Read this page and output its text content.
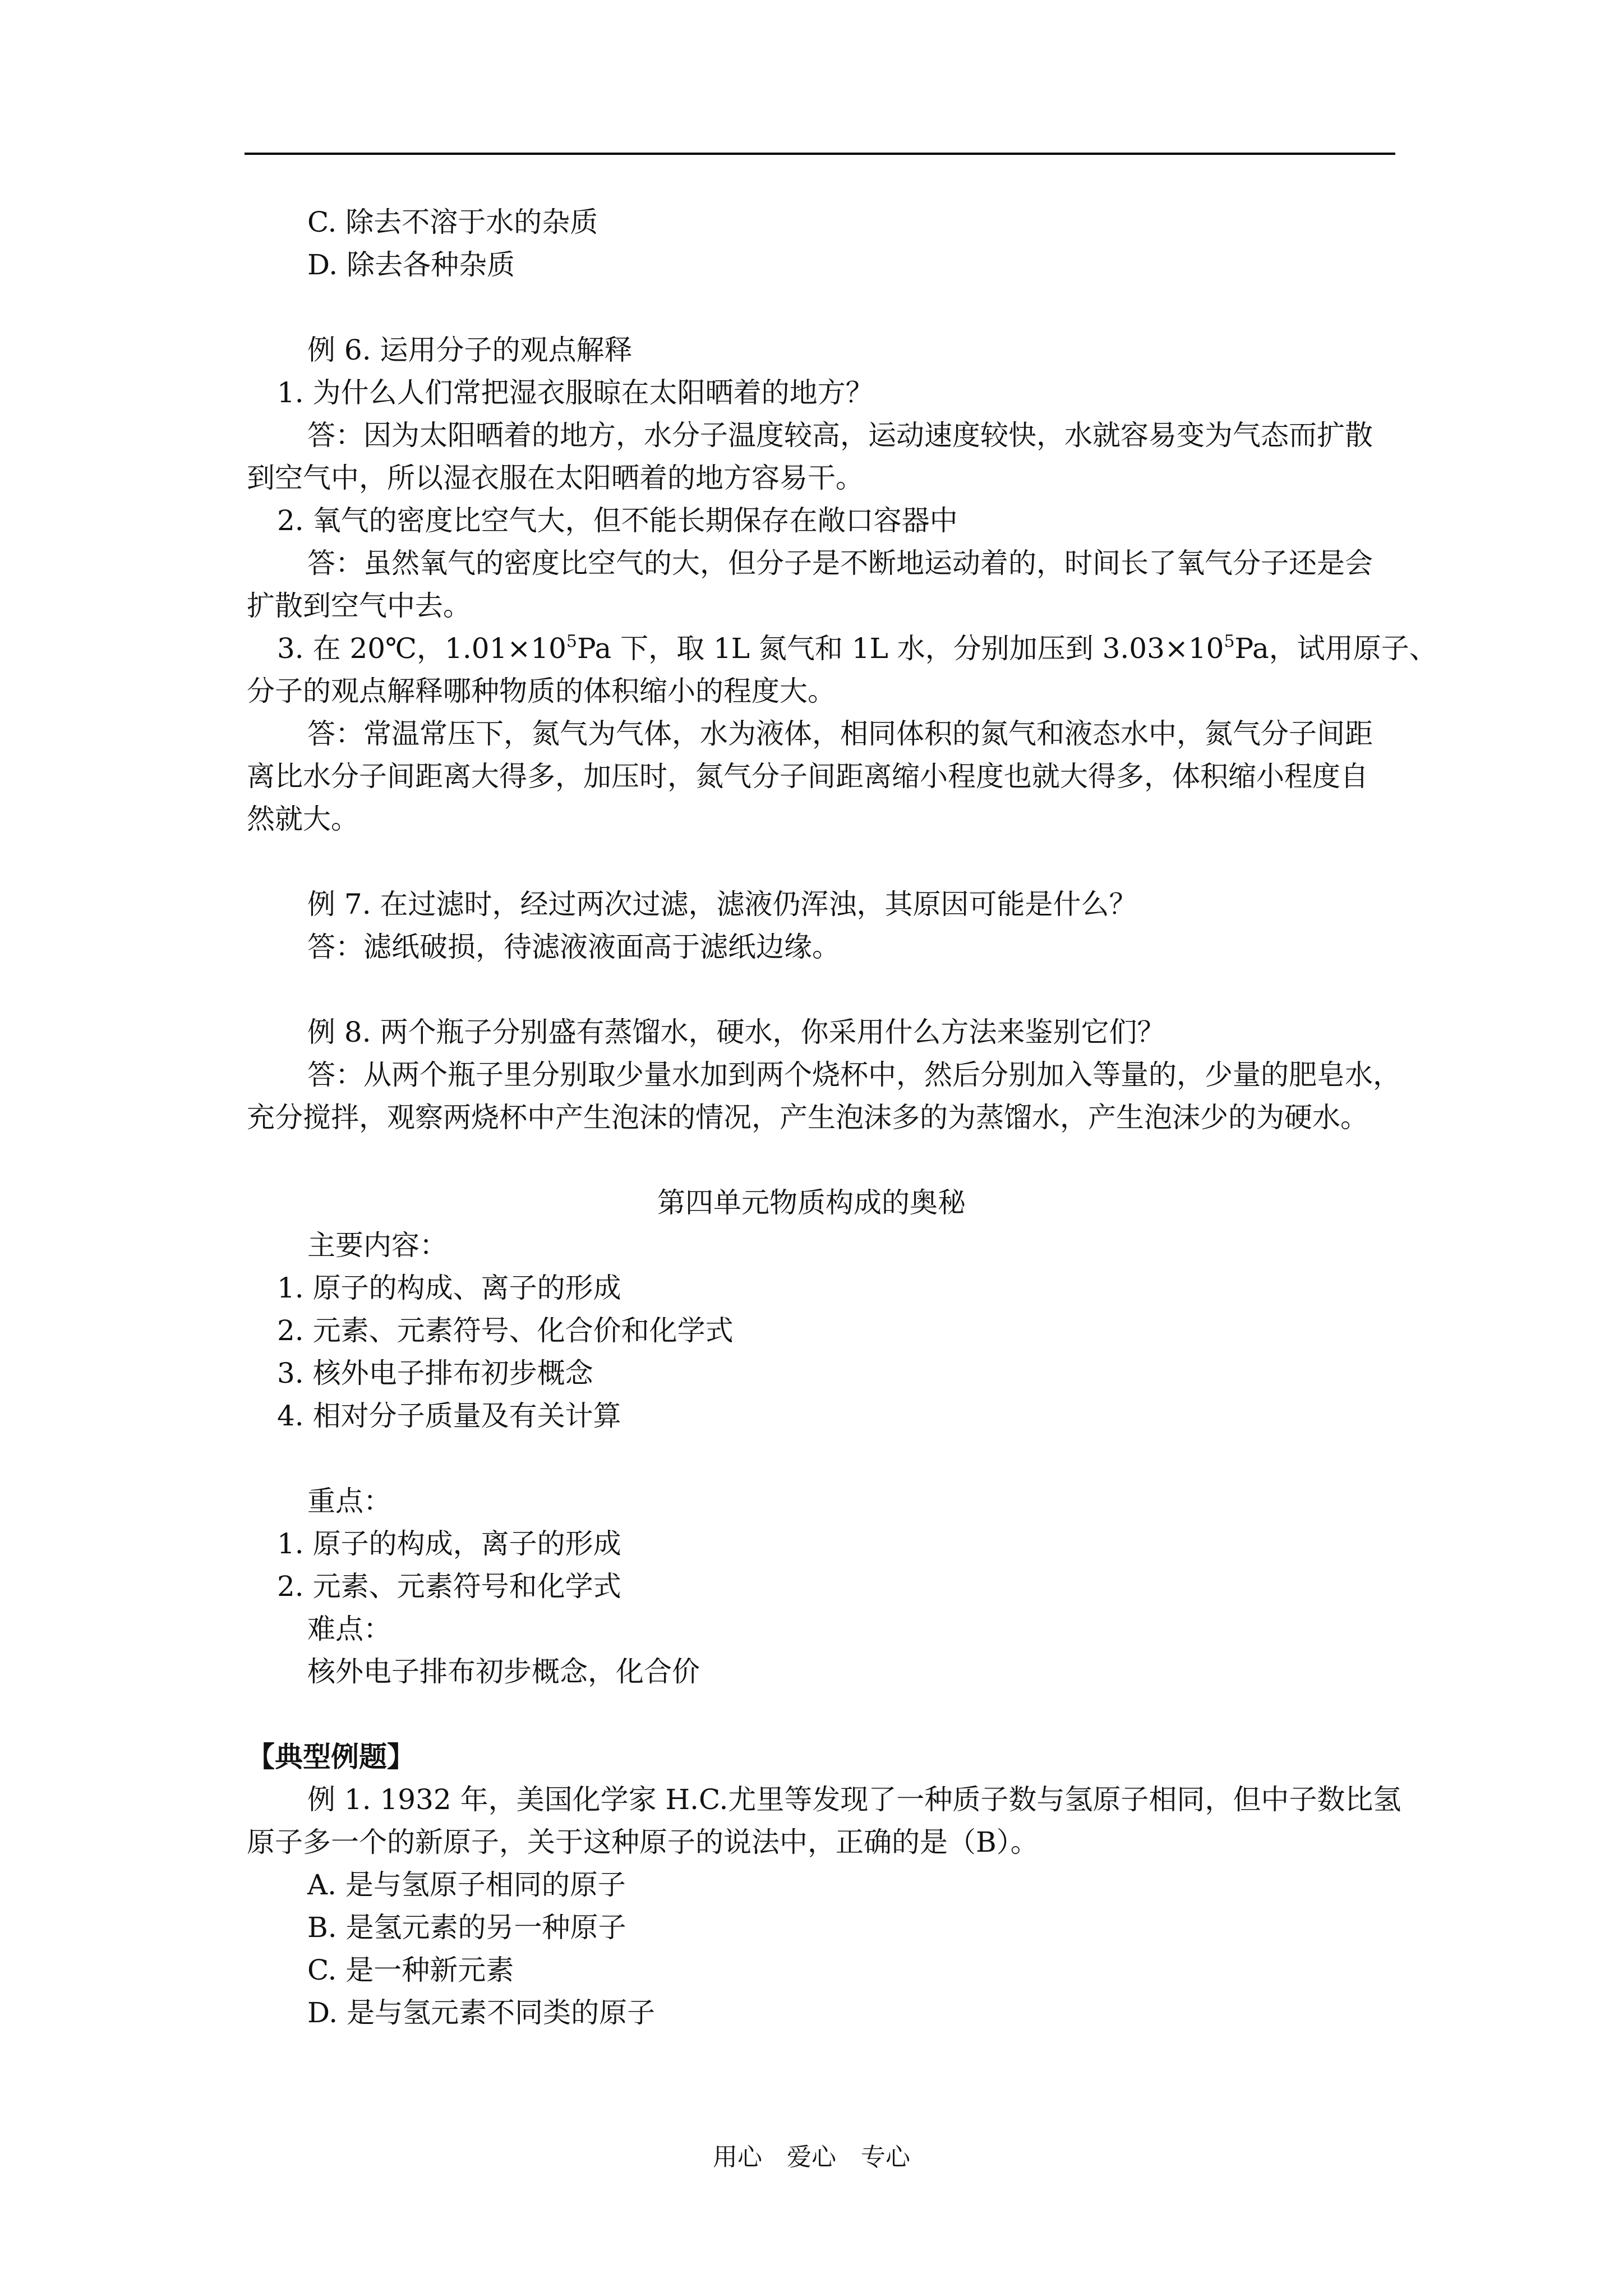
C. 除去不溶于水的杂质
D. 除去各种杂质
例 6. 运用分子的观点解释
1. 为什么人们常把湿衣服晾在太阳晒着的地方？
答：因为太阳晒着的地方，水分子温度较高，运动速度较快，水就容易变为气态而扩散
到空气中，所以湿衣服在太阳晒着的地方容易干。
2. 氧气的密度比空气大，但不能长期保存在敞口容器中
答：虽然氧气的密度比空气的大，但分子是不断地运动着的，时间长了氧气分子还是会
扩散到空气中去。
3. 在 20℃，$1.01\times 10^5Pa$ 下，取 1L 氮气和 1L 水，分别加压到 $3.03\times 10^5Pa$，试用原子、
分子的观点解释哪种物质的体积缩小的程度大。
答：常温常压下，氮气为气体，水为液体，相同体积的氮气和液态水中，氮气分子间距
离比水分子间距离大得多，加压时，氮气分子间距离缩小程度也就大得多，体积缩小程度自
然就大。
例 7. 在过滤时，经过两次过滤，滤液仍浑浊，其原因可能是什么？
答：滤纸破损，待滤液液面高于滤纸边缘。
例 8. 两个瓶子分别盛有蒸馏水，硬水，你采用什么方法来鉴别它们？
答：从两个瓶子里分别取少量水加到两个烧杯中，然后分别加入等量的，少量的肥皂水，
充分搅拌，观察两烧杯中产生泡沫的情况，产生泡沫多的为蒸馏水，产生泡沫少的为硬水。
第四单元物质构成的奥秘
主要内容：
1. 原子的构成、离子的形成
2. 元素、元素符号、化合价和化学式
3. 核外电子排布初步概念
4. 相对分子质量及有关计算
重点：
1. 原子的构成，离子的形成
2. 元素、元素符号和化学式
难点：
核外电子排布初步概念，化合价
【典型例题】
例 1. 1932 年，美国化学家 H.C.尤里等发现了一种质子数与氢原子相同，但中子数比氢
原子多一个的新原子，关于这种原子的说法中，正确的是（B）。
A. 是与氢原子相同的原子
B. 是氢元素的另一种原子
C. 是一种新元素
D. 是与氢元素不同类的原子
用心　爱心　专心
